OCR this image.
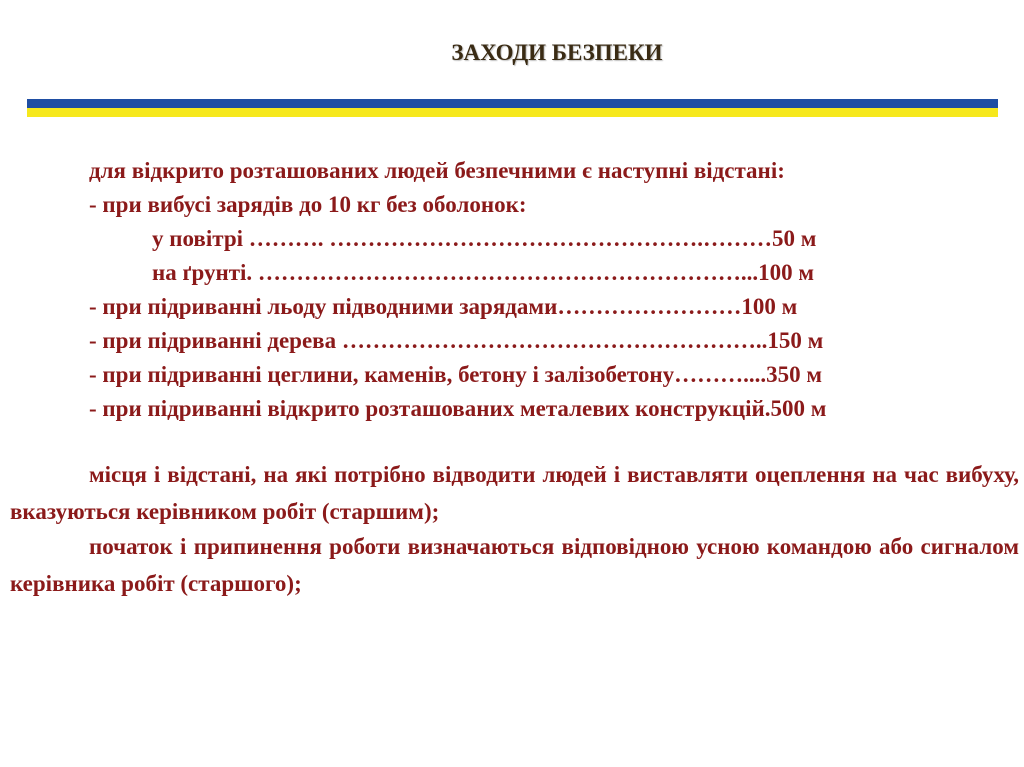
ЗАХОДИ БЕЗПЕКИ
для відкрито розташованих людей безпечними є наступні відстані:
- при вибусі зарядів до 10 кг без оболонок:
у повітрі ………. ………………………………………….………50 м
на ґрунті. ………………………………………………………...100 м
- при підриванні льоду підводними зарядами……………………100 м
- при підриванні дерева ………………………………………………..150 м
- при підриванні цеглини, каменів, бетону і залізобетону………....350 м
- при підриванні відкрито розташованих металевих конструкцій.500 м
місця і відстані, на які потрібно відводити людей і виставляти оцеплення на час вибуху, вказуються керівником робіт (старшим);
початок і припинення роботи визначаються відповідною усною командою або сигналом керівника робіт (старшого);
